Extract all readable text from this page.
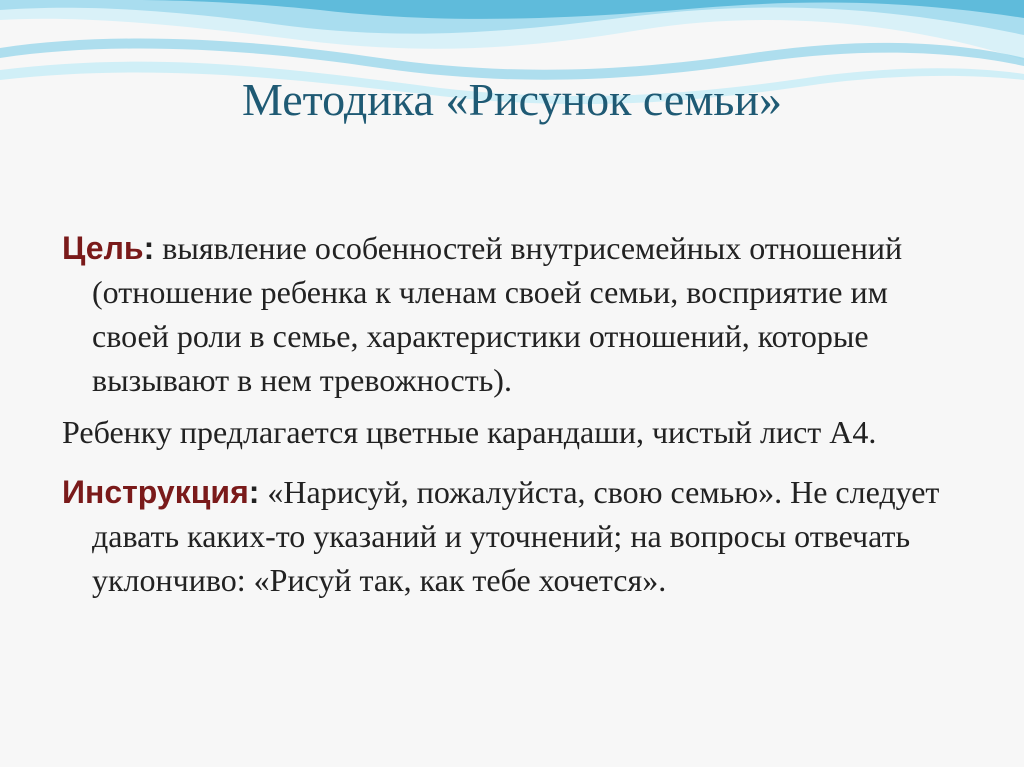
Методика «Рисунок семьи»

Цель: выявление особенностей внутрисемейных отношений (отношение ребенка к членам своей семьи, восприятие им своей роли в семье, характеристики отношений, которые вызывают в нем тревожность).

Ребенку предлагается цветные карандаши, чистый лист А4.

Инструкция: «Нарисуй, пожалуйста, свою семью». Не следует давать каких-то указаний и уточнений; на вопросы отвечать уклончиво: «Рисуй так, как тебе хочется».
